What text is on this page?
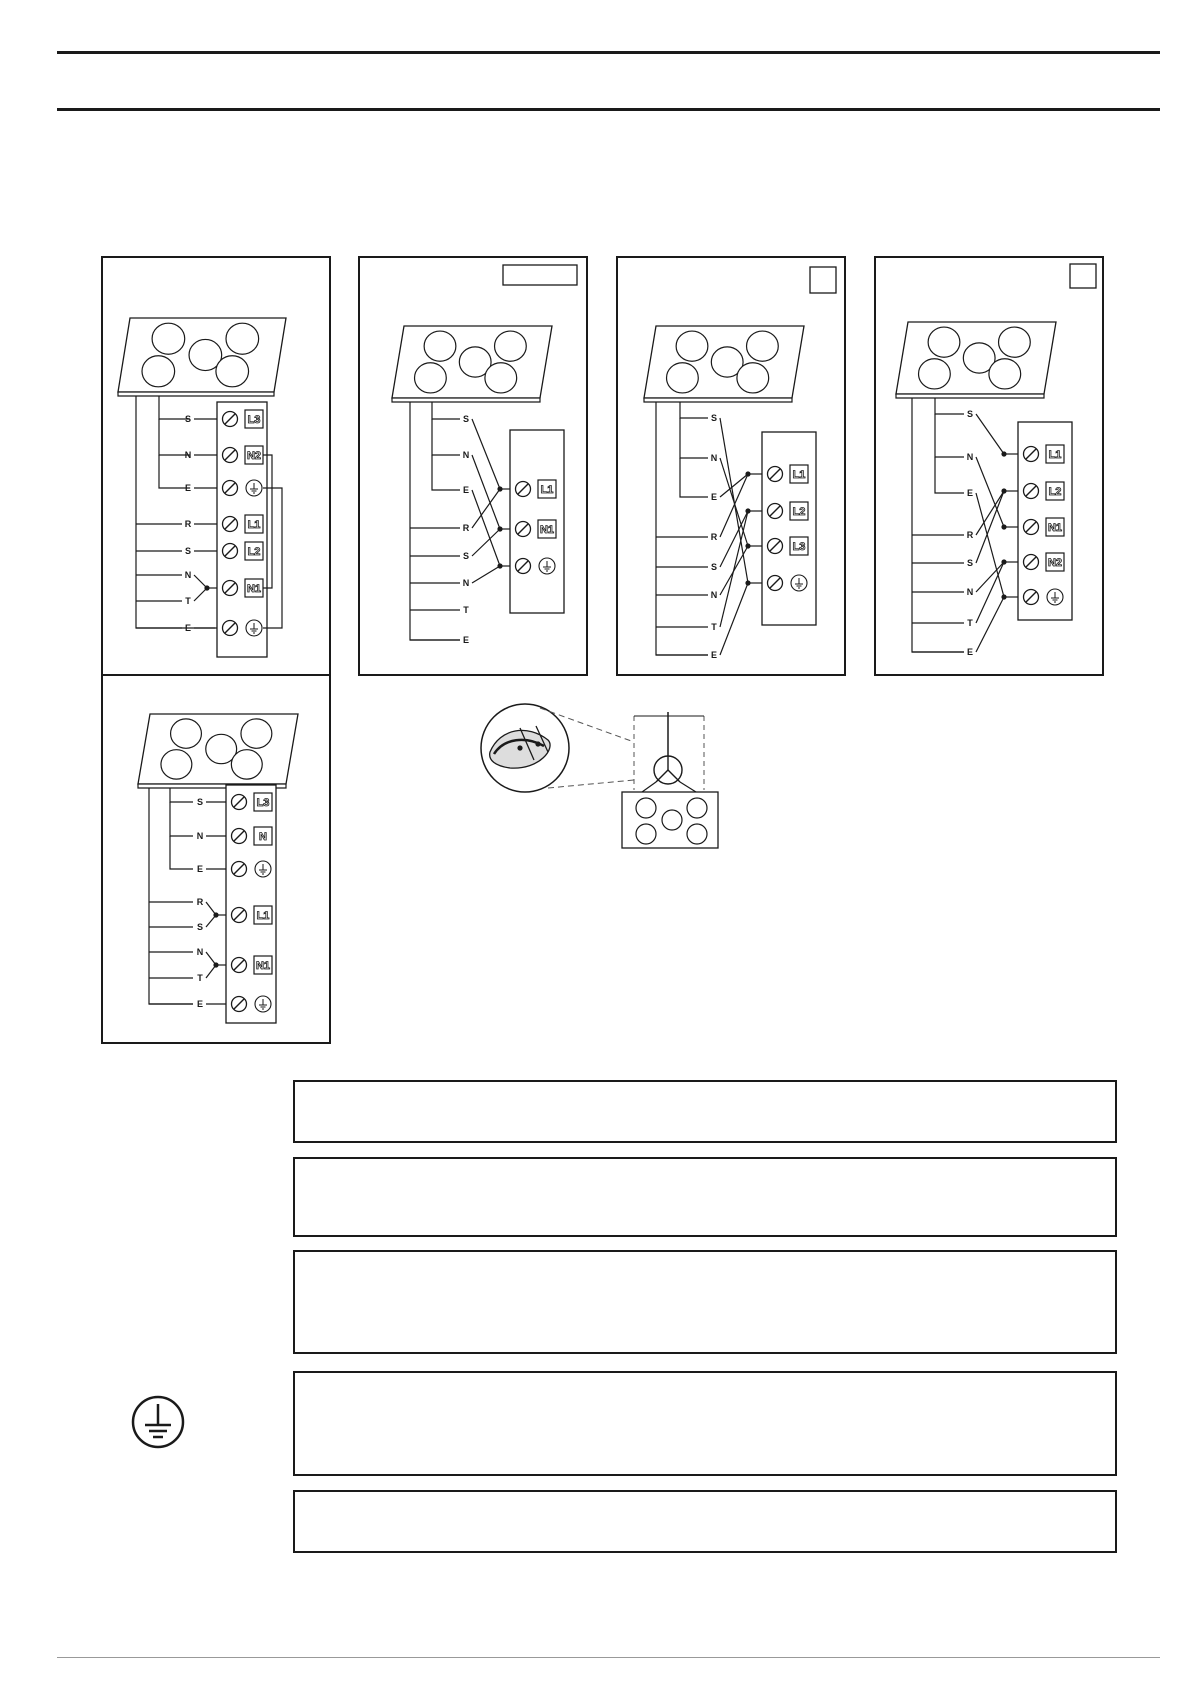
S
N
E
R
S
N
T
E
L3
N2
L1
L2
N1
S
N
E
R
S
N
T
E
L1
N1
S
N
E
R
S
N
T
E
L1
L2
L3
S
N
E
R
S
N
T
E
L1
L2
N1
N2
S
N
E
R
S
N
T
E
L3
N
L1
N1
